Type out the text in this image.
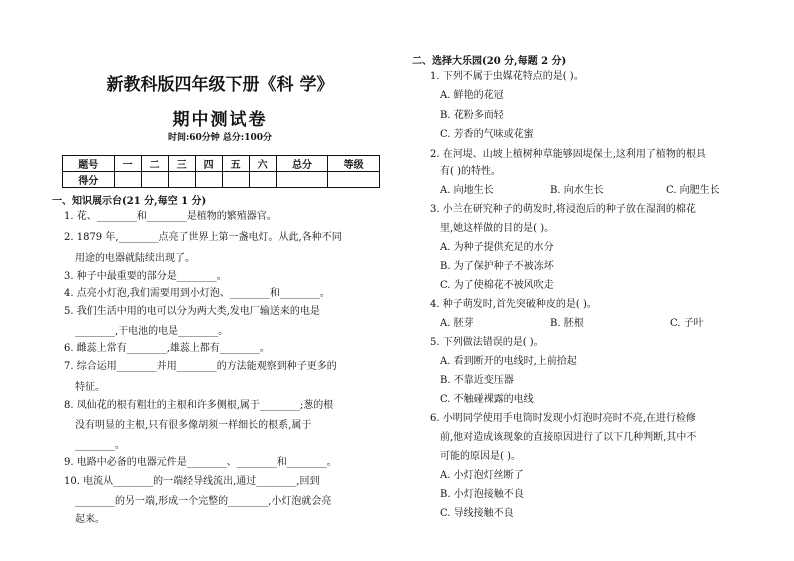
新教科版四年级下册《科 学》
期中测试卷
时间:60分钟 总分:100分
题号	一	二	三	四	五	六	总分	等级
得分								
一、知识展示台(21 分,每空 1 分)
1. 花、________和________是植物的繁殖器官。
2. 1879 年,________点亮了世界上第一盏电灯。从此,各种不同
用途的电器就陆续出现了。
3. 种子中最重要的部分是________。
4. 点亮小灯泡,我们需要用到小灯泡、________和________。
5. 我们生活中用的电可以分为两大类,发电厂输送来的电是
________,干电池的电是________。
6. 雌蕊上常有________,雄蕊上都有________。
7. 综合运用________并用________的方法能观察到种子更多的
特征。
8. 凤仙花的根有粗壮的主根和许多侧根,属于________;葱的根
没有明显的主根,只有很多像胡须一样细长的根系,属于
________。
9. 电路中必备的电器元件是________、________和________。
10. 电流从________的一端经导线流出,通过________,回到
________的另一端,形成一个完整的________,小灯泡就会亮
起来。
二、选择大乐园(20 分,每题 2 分)
1. 下列不属于虫媒花特点的是( )。
A. 鲜艳的花冠
B. 花粉多而轻
C. 芳香的气味或花蜜
2. 在河堤、山坡上植树种草能够固堤保土,这利用了植物的根具
有( )的特性。
A. 向地生长	B. 向水生长	C. 向肥生长
3. 小兰在研究种子的萌发时,将浸泡后的种子放在湿润的棉花
里,她这样做的目的是( )。
A. 为种子提供充足的水分
B. 为了保护种子不被冻坏
C. 为了使棉花不被风吹走
4. 种子萌发时,首先突破种皮的是( )。
A. 胚芽	B. 胚根	C. 子叶
5. 下列做法错误的是( )。
A. 看到断开的电线时,上前拾起
B. 不靠近变压器
C. 不触碰裸露的电线
6. 小明同学使用手电筒时发现小灯泡时亮时不亮,在进行检修
前,他对造成该现象的直接原因进行了以下几种判断,其中不
可能的原因是( )。
A. 小灯泡灯丝断了
B. 小灯泡接触不良
C. 导线接触不良
